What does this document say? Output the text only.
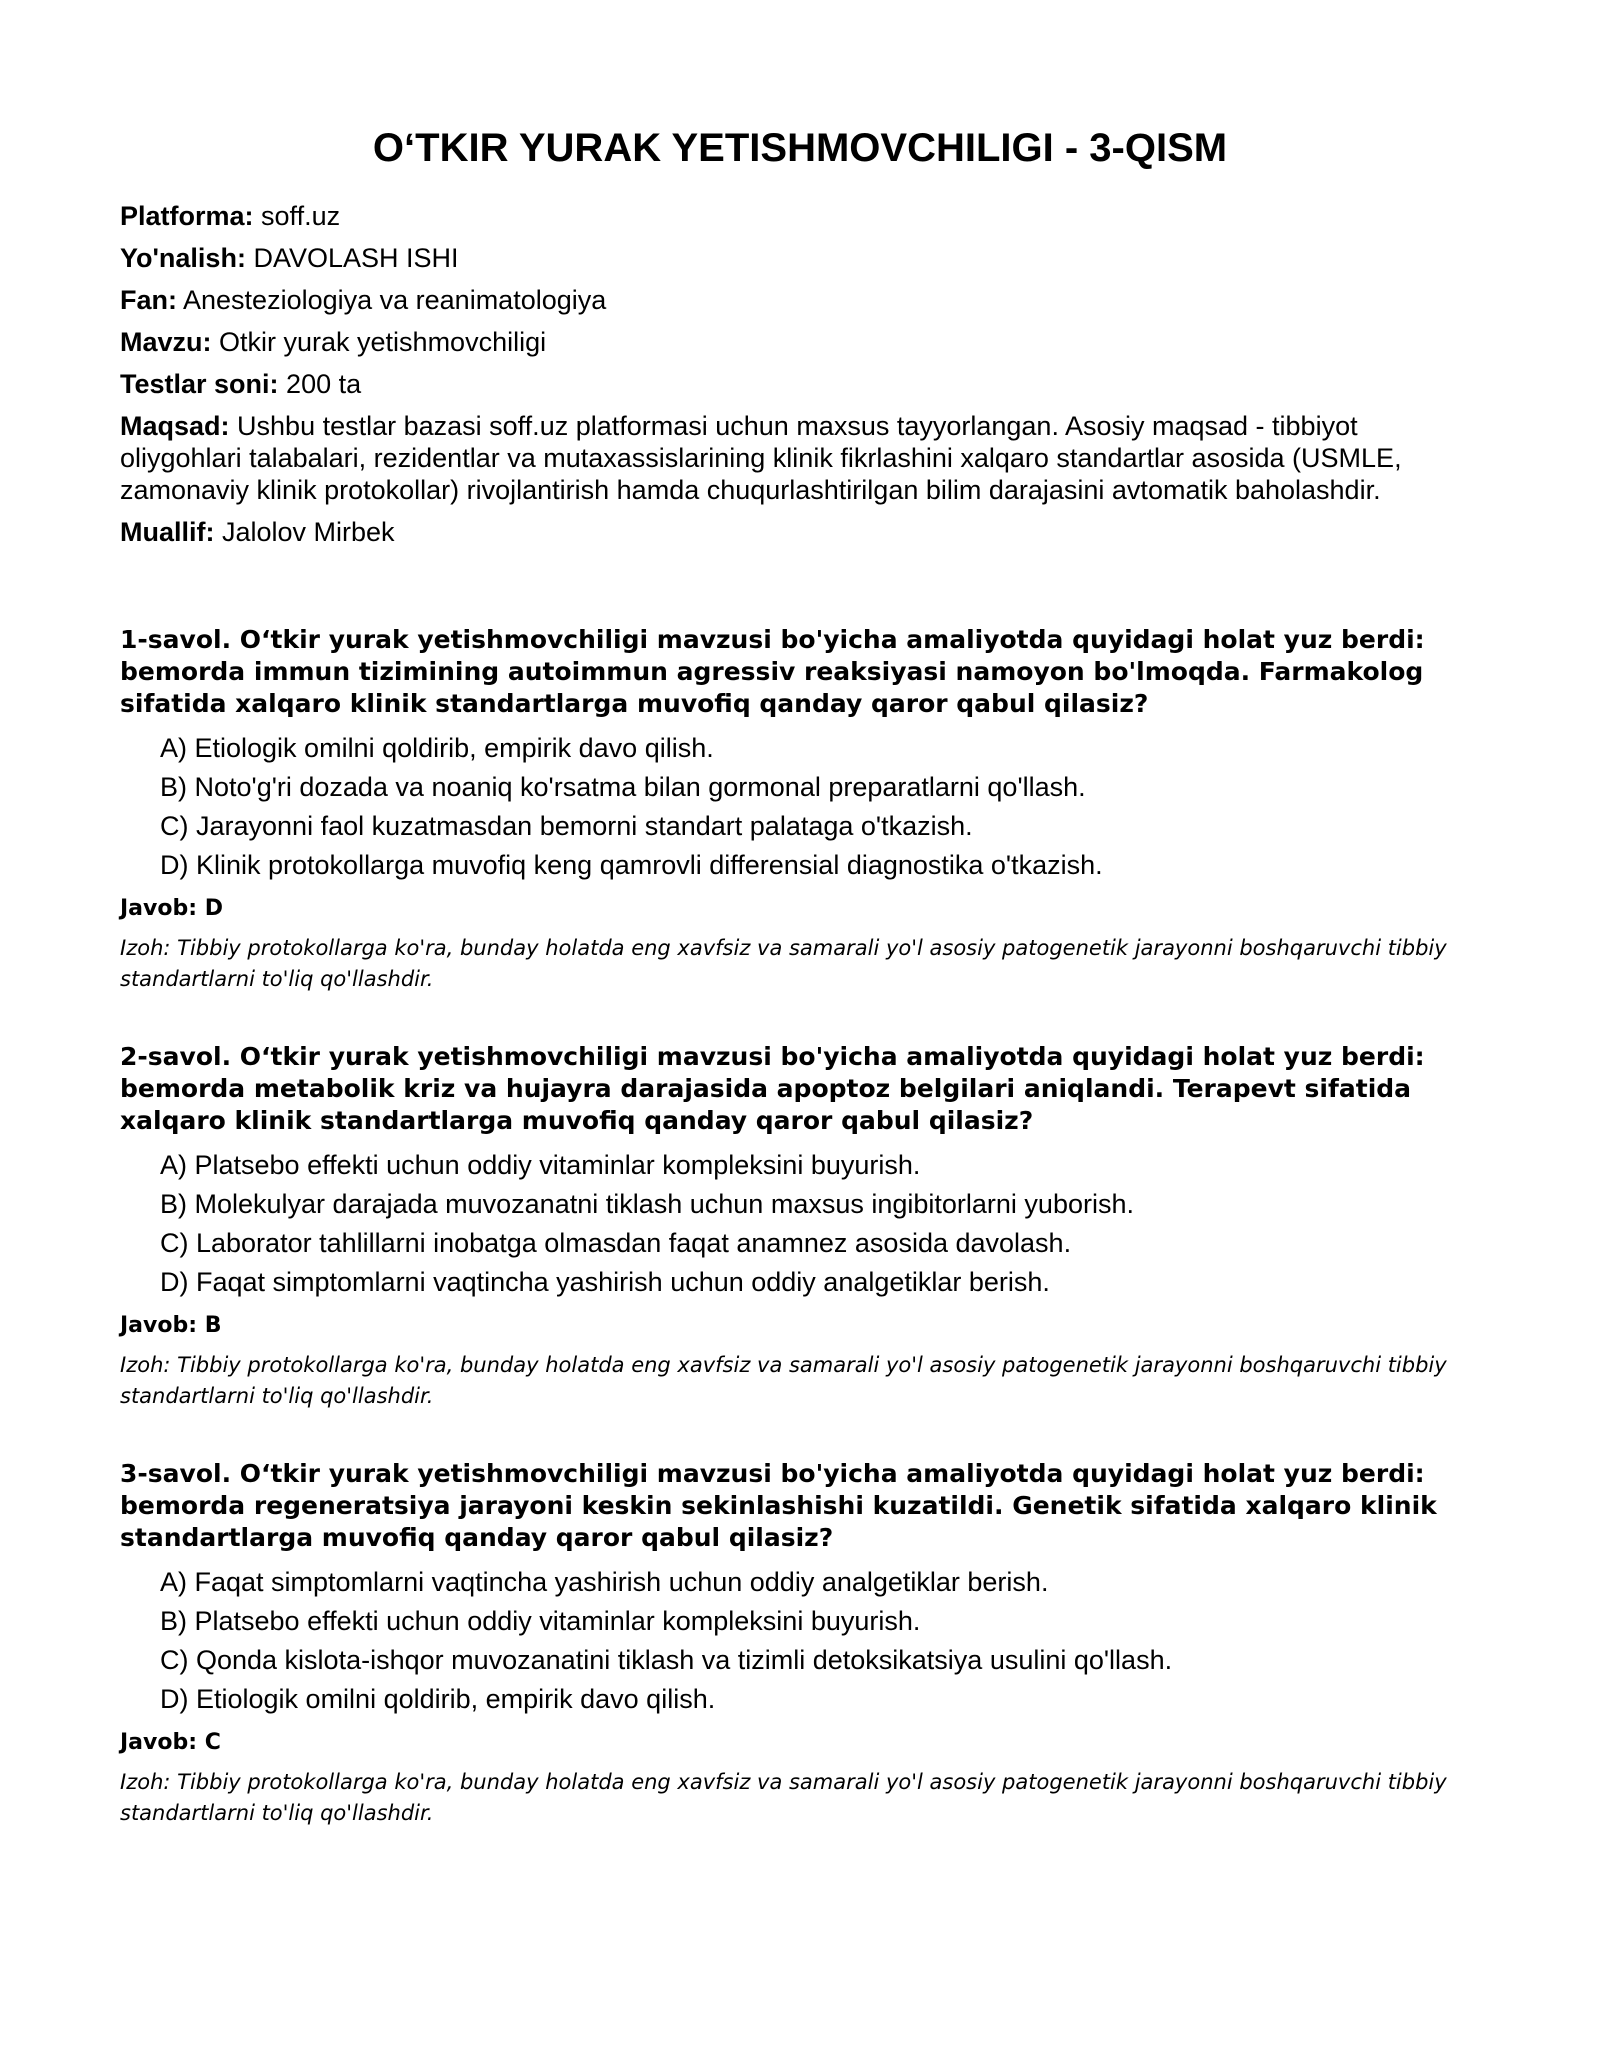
O‘TKIR YURAK YETISHMOVCHILIGI - 3-QISM
Platforma: soff.uz
Yo'nalish: DAVOLASH ISHI
Fan: Anesteziologiya va reanimatologiya
Mavzu: Otkir yurak yetishmovchiligi
Testlar soni: 200 ta
Maqsad: Ushbu testlar bazasi soff.uz platformasi uchun maxsus tayyorlangan. Asosiy maqsad - tibbiyot oliygohlari talabalari, rezidentlar va mutaxassislarining klinik fikrlashini xalqaro standartlar asosida (USMLE, zamonaviy klinik protokollar) rivojlantirish hamda chuqurlashtirilgan bilim darajasini avtomatik baholashdir.
Muallif: Jalolov Mirbek

1-savol. O‘tkir yurak yetishmovchiligi mavzusi bo'yicha amaliyotda quyidagi holat yuz berdi: bemorda immun tizimining autoimmun agressiv reaksiyasi namoyon bo'lmoqda. Farmakolog sifatida xalqaro klinik standartlarga muvofiq qanday qaror qabul qilasiz?

A) Etiologik omilni qoldirib, empirik davo qilish.
B) Noto'g'ri dozada va noaniq ko'rsatma bilan gormonal preparatlarni qo'llash.
C) Jarayonni faol kuzatmasdan bemorni standart palataga o'tkazish.
D) Klinik protokollarga muvofiq keng qamrovli differensial diagnostika o'tkazish.
Javob: D
Izoh: Tibbiy protokollarga ko'ra, bunday holatda eng xavfsiz va samarali yo'l asosiy patogenetik jarayonni boshqaruvchi tibbiy standartlarni to'liq qo'llashdir.

2-savol. O‘tkir yurak yetishmovchiligi mavzusi bo'yicha amaliyotda quyidagi holat yuz berdi: bemorda metabolik kriz va hujayra darajasida apoptoz belgilari aniqlandi. Terapevt sifatida xalqaro klinik standartlarga muvofiq qanday qaror qabul qilasiz?

A) Platsebo effekti uchun oddiy vitaminlar kompleksini buyurish.
B) Molekulyar darajada muvozanatni tiklash uchun maxsus ingibitorlarni yuborish.
C) Laborator tahlillarni inobatga olmasdan faqat anamnez asosida davolash.
D) Faqat simptomlarni vaqtincha yashirish uchun oddiy analgetiklar berish.
Javob: B
Izoh: Tibbiy protokollarga ko'ra, bunday holatda eng xavfsiz va samarali yo'l asosiy patogenetik jarayonni boshqaruvchi tibbiy standartlarni to'liq qo'llashdir.

3-savol. O‘tkir yurak yetishmovchiligi mavzusi bo'yicha amaliyotda quyidagi holat yuz berdi: bemorda regeneratsiya jarayoni keskin sekinlashishi kuzatildi. Genetik sifatida xalqaro klinik standartlarga muvofiq qanday qaror qabul qilasiz?

A) Faqat simptomlarni vaqtincha yashirish uchun oddiy analgetiklar berish.
B) Platsebo effekti uchun oddiy vitaminlar kompleksini buyurish.
C) Qonda kislota-ishqor muvozanatini tiklash va tizimli detoksikatsiya usulini qo'llash.
D) Etiologik omilni qoldirib, empirik davo qilish.
Javob: C
Izoh: Tibbiy protokollarga ko'ra, bunday holatda eng xavfsiz va samarali yo'l asosiy patogenetik jarayonni boshqaruvchi tibbiy standartlarni to'liq qo'llashdir.
